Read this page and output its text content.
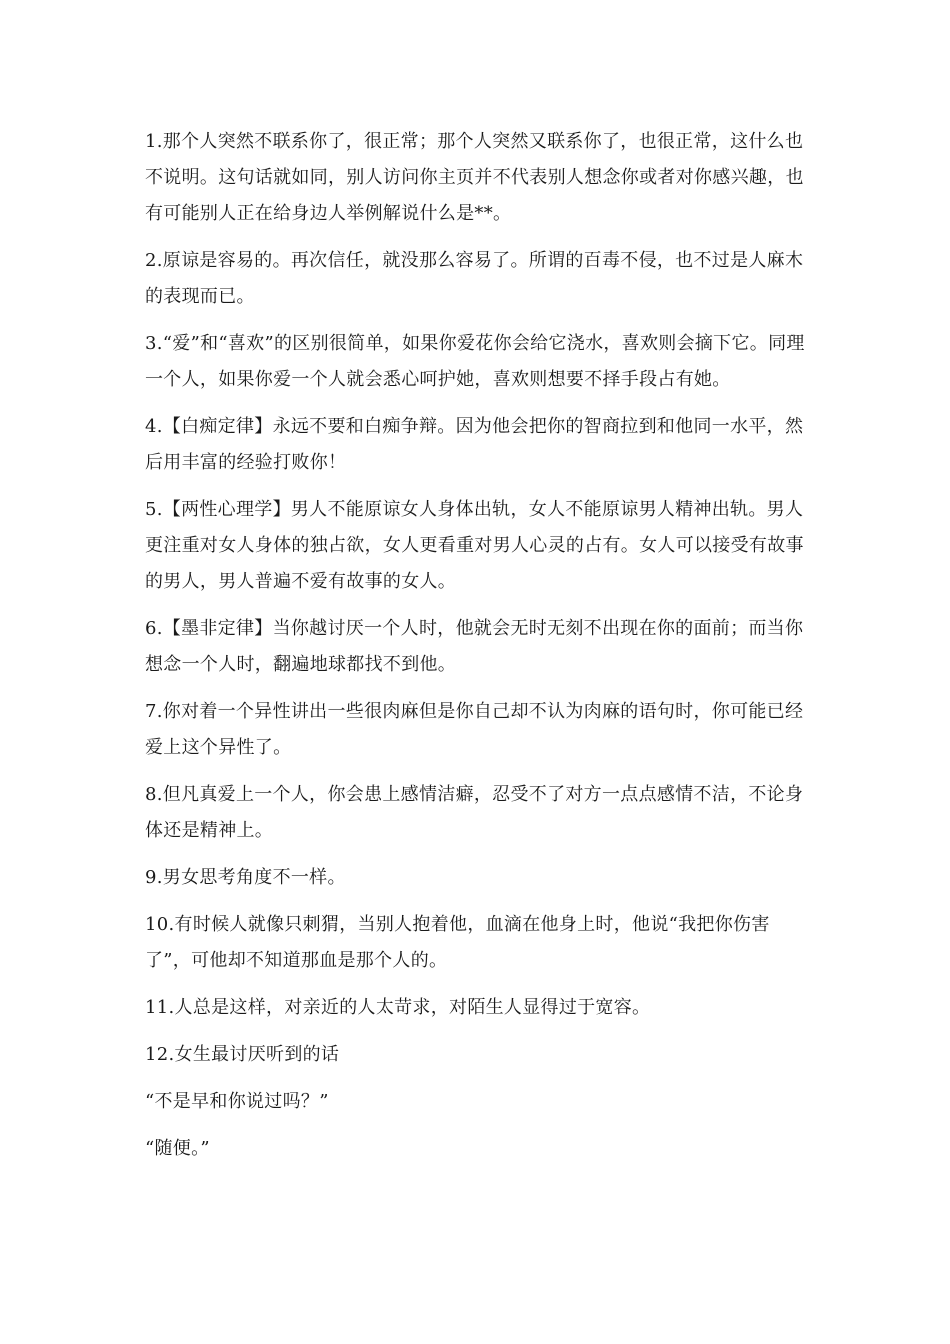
1.那个人突然不联系你了，很正常；那个人突然又联系你了，也很正常，这什么也不说明。这句话就如同，别人访问你主页并不代表别人想念你或者对你感兴趣，也有可能别人正在给身边人举例解说什么是**。

2.原谅是容易的。再次信任，就没那么容易了。所谓的百毒不侵，也不过是人麻木的表现而已。

3.“爱”和“喜欢”的区别很简单，如果你爱花你会给它浇水，喜欢则会摘下它。同理一个人，如果你爱一个人就会悉心呵护她，喜欢则想要不择手段占有她。

4.【白痴定律】永远不要和白痴争辩。因为他会把你的智商拉到和他同一水平，然后用丰富的经验打败你！

5.【两性心理学】男人不能原谅女人身体出轨，女人不能原谅男人精神出轨。男人更注重对女人身体的独占欲，女人更看重对男人心灵的占有。女人可以接受有故事的男人，男人普遍不爱有故事的女人。

6.【墨非定律】当你越讨厌一个人时，他就会无时无刻不出现在你的面前；而当你想念一个人时，翻遍地球都找不到他。

7.你对着一个异性讲出一些很肉麻但是你自己却不认为肉麻的语句时，你可能已经爱上这个异性了。

8.但凡真爱上一个人，你会患上感情洁癖，忍受不了对方一点点感情不洁，不论身体还是精神上。

9.男女思考角度不一样。

10.有时候人就像只刺猬，当别人抱着他，血滴在他身上时，他说“我把你伤害了”，可他却不知道那血是那个人的。

11.人总是这样，对亲近的人太苛求，对陌生人显得过于宽容。

12.女生最讨厌听到的话

“不是早和你说过吗？”

“随便。”
